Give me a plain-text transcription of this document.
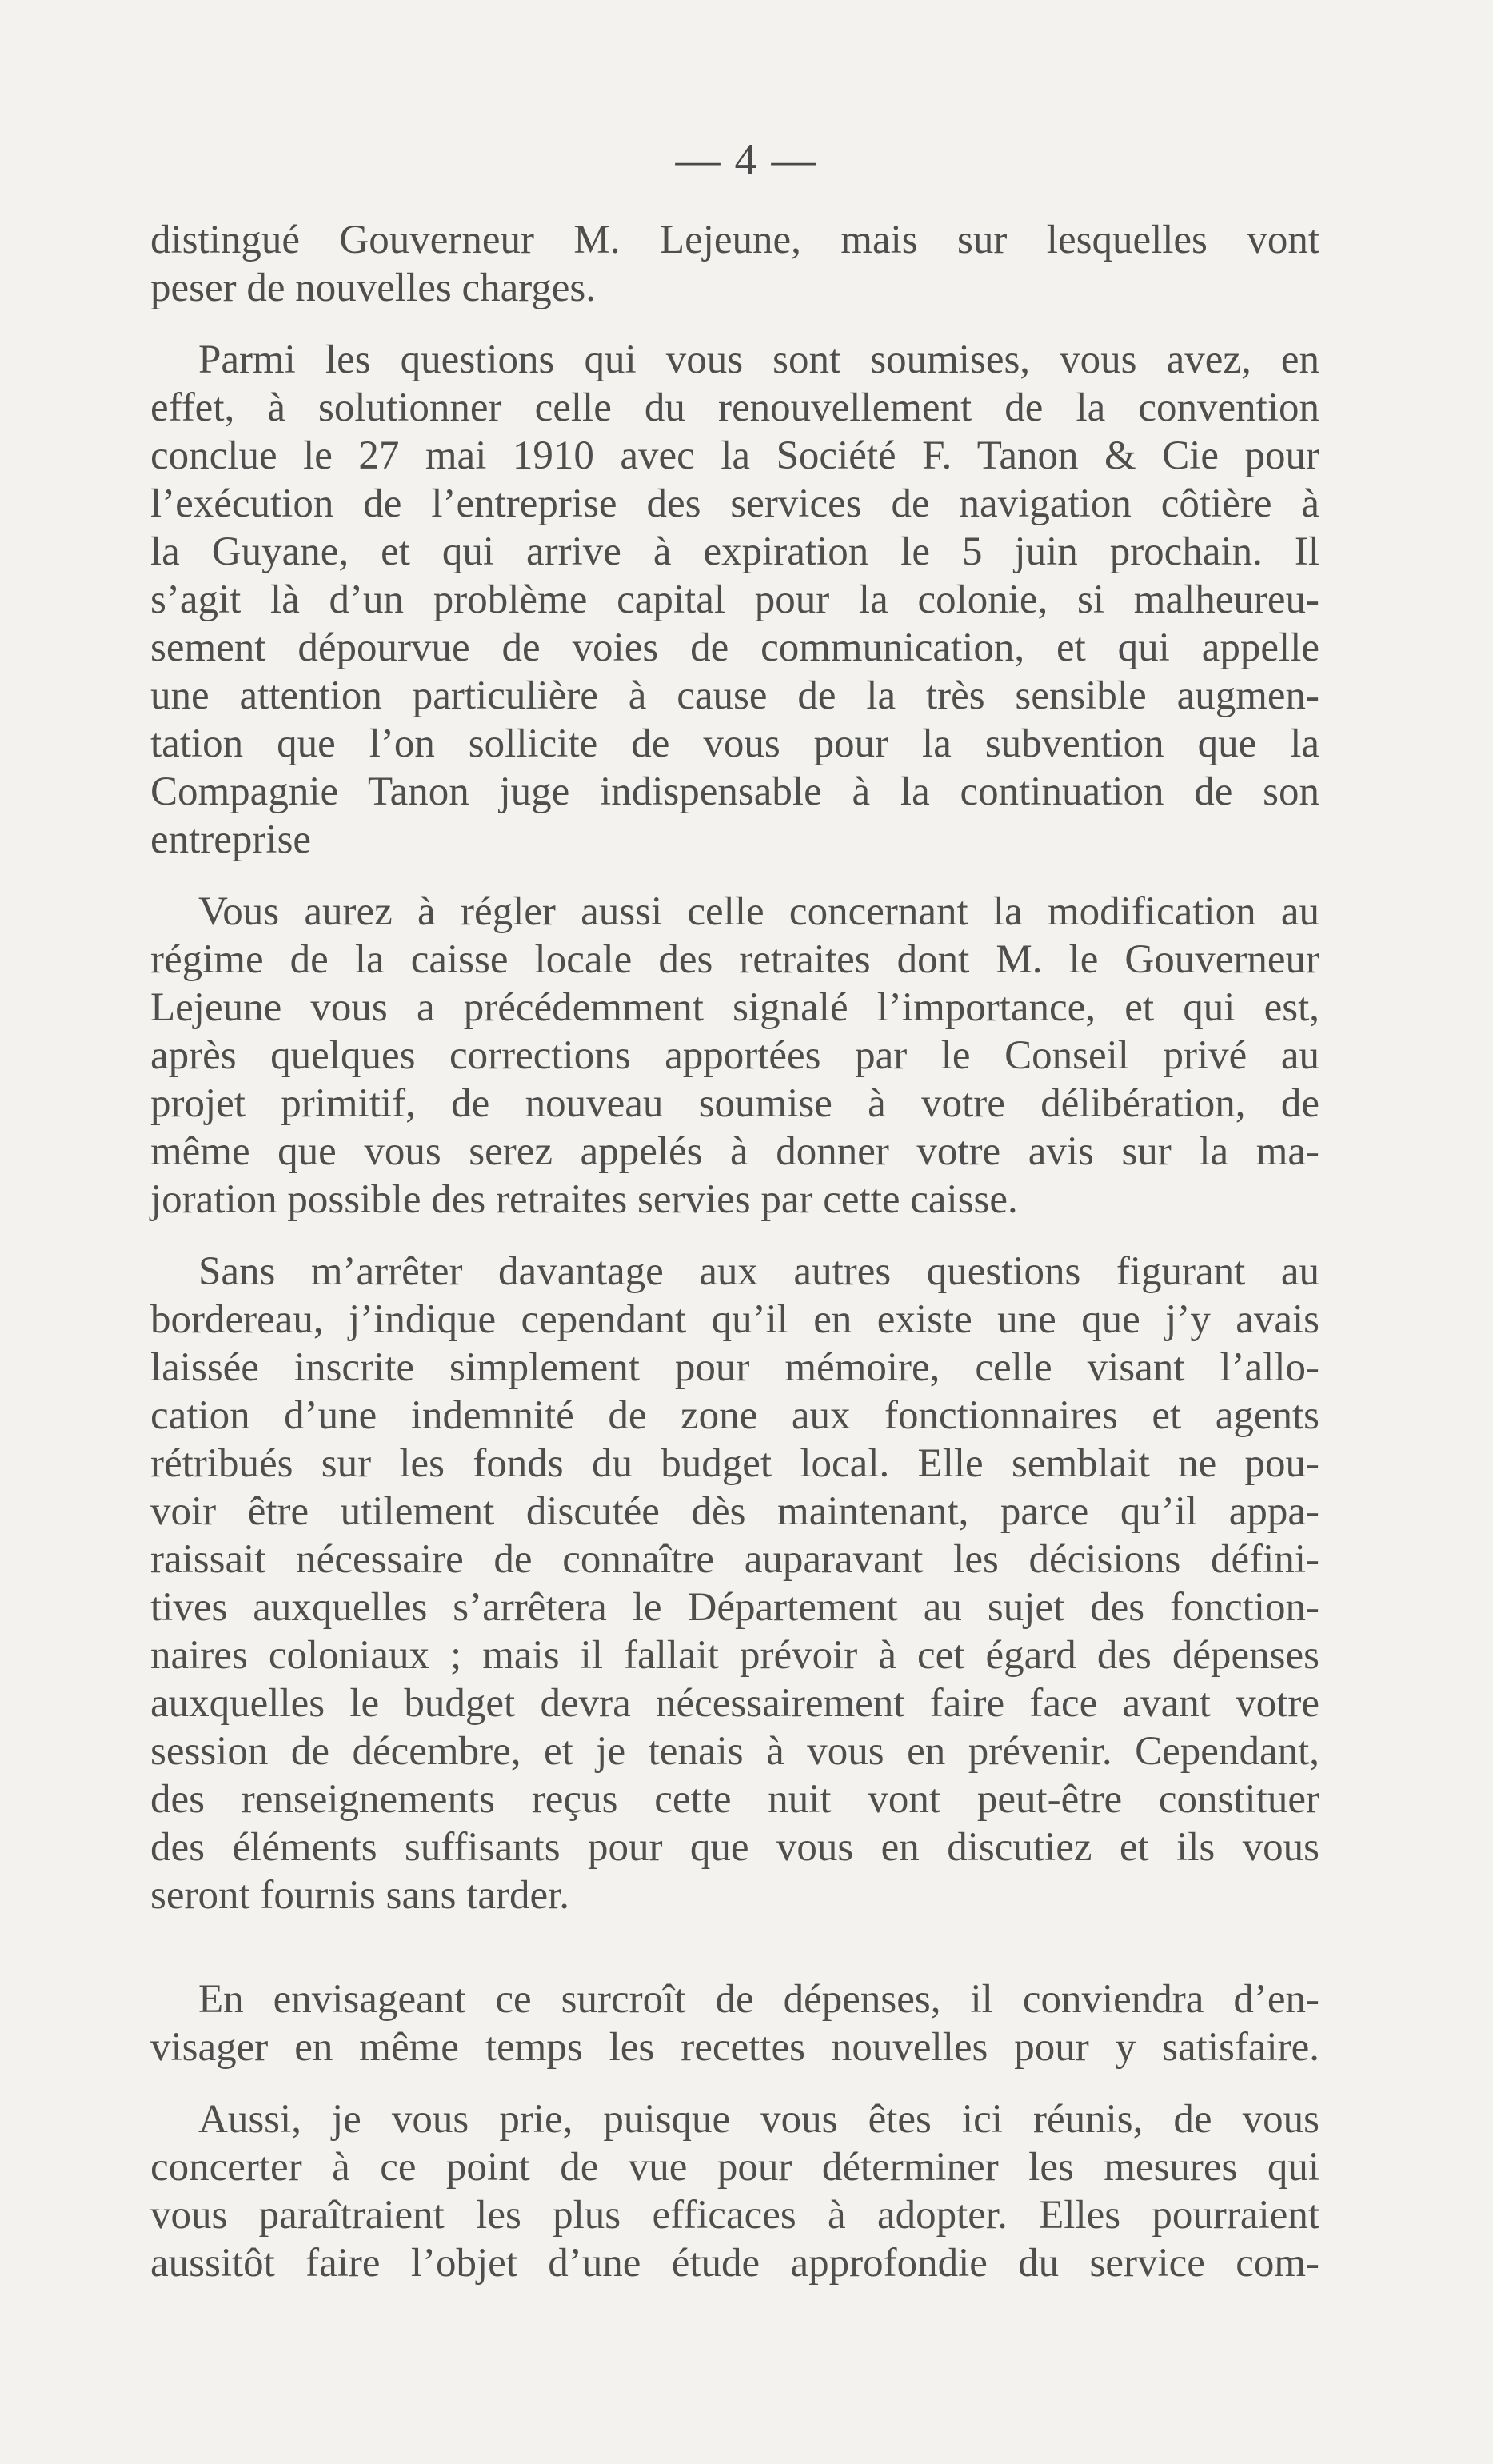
— 4 —
distingué Gouverneur M. Lejeune, mais sur lesquelles vont
peser de nouvelles charges.
Parmi les questions qui vous sont soumises, vous avez, en
effet, à solutionner celle du renouvellement de la convention
conclue le 27 mai 1910 avec la Société F. Tanon & Cie pour
l’exécution de l’entreprise des services de navigation côtière à
la Guyane, et qui arrive à expiration le 5 juin prochain. Il
s’agit là d’un problème capital pour la colonie, si malheureu-
sement dépourvue de voies de communication, et qui appelle
une attention particulière à cause de la très sensible augmen-
tation que l’on sollicite de vous pour la subvention que la
Compagnie Tanon juge indispensable à la continuation de son
entreprise
Vous aurez à régler aussi celle concernant la modification au
régime de la caisse locale des retraites dont M. le Gouverneur
Lejeune vous a précédemment signalé l’importance, et qui est,
après quelques corrections apportées par le Conseil privé au
projet primitif, de nouveau soumise à votre délibération, de
même que vous serez appelés à donner votre avis sur la ma-
joration possible des retraites servies par cette caisse.
Sans m’arrêter davantage aux autres questions figurant au
bordereau, j’indique cependant qu’il en existe une que j’y avais
laissée inscrite simplement pour mémoire, celle visant l’allo-
cation d’une indemnité de zone aux fonctionnaires et agents
rétribués sur les fonds du budget local. Elle semblait ne pou-
voir être utilement discutée dès maintenant, parce qu’il appa-
raissait nécessaire de connaître auparavant les décisions défini-
tives auxquelles s’arrêtera le Département au sujet des fonction-
naires coloniaux ; mais il fallait prévoir à cet égard des dépenses
auxquelles le budget devra nécessairement faire face avant votre
session de décembre, et je tenais à vous en prévenir. Cependant,
des renseignements reçus cette nuit vont peut-être constituer
des éléments suffisants pour que vous en discutiez et ils vous
seront fournis sans tarder.
En envisageant ce surcroît de dépenses, il conviendra d’en-
visager en même temps les recettes nouvelles pour y satisfaire.
Aussi, je vous prie, puisque vous êtes ici réunis, de vous
concerter à ce point de vue pour déterminer les mesures qui
vous paraîtraient les plus efficaces à adopter. Elles pourraient
aussitôt faire l’objet d’une étude approfondie du service com-
